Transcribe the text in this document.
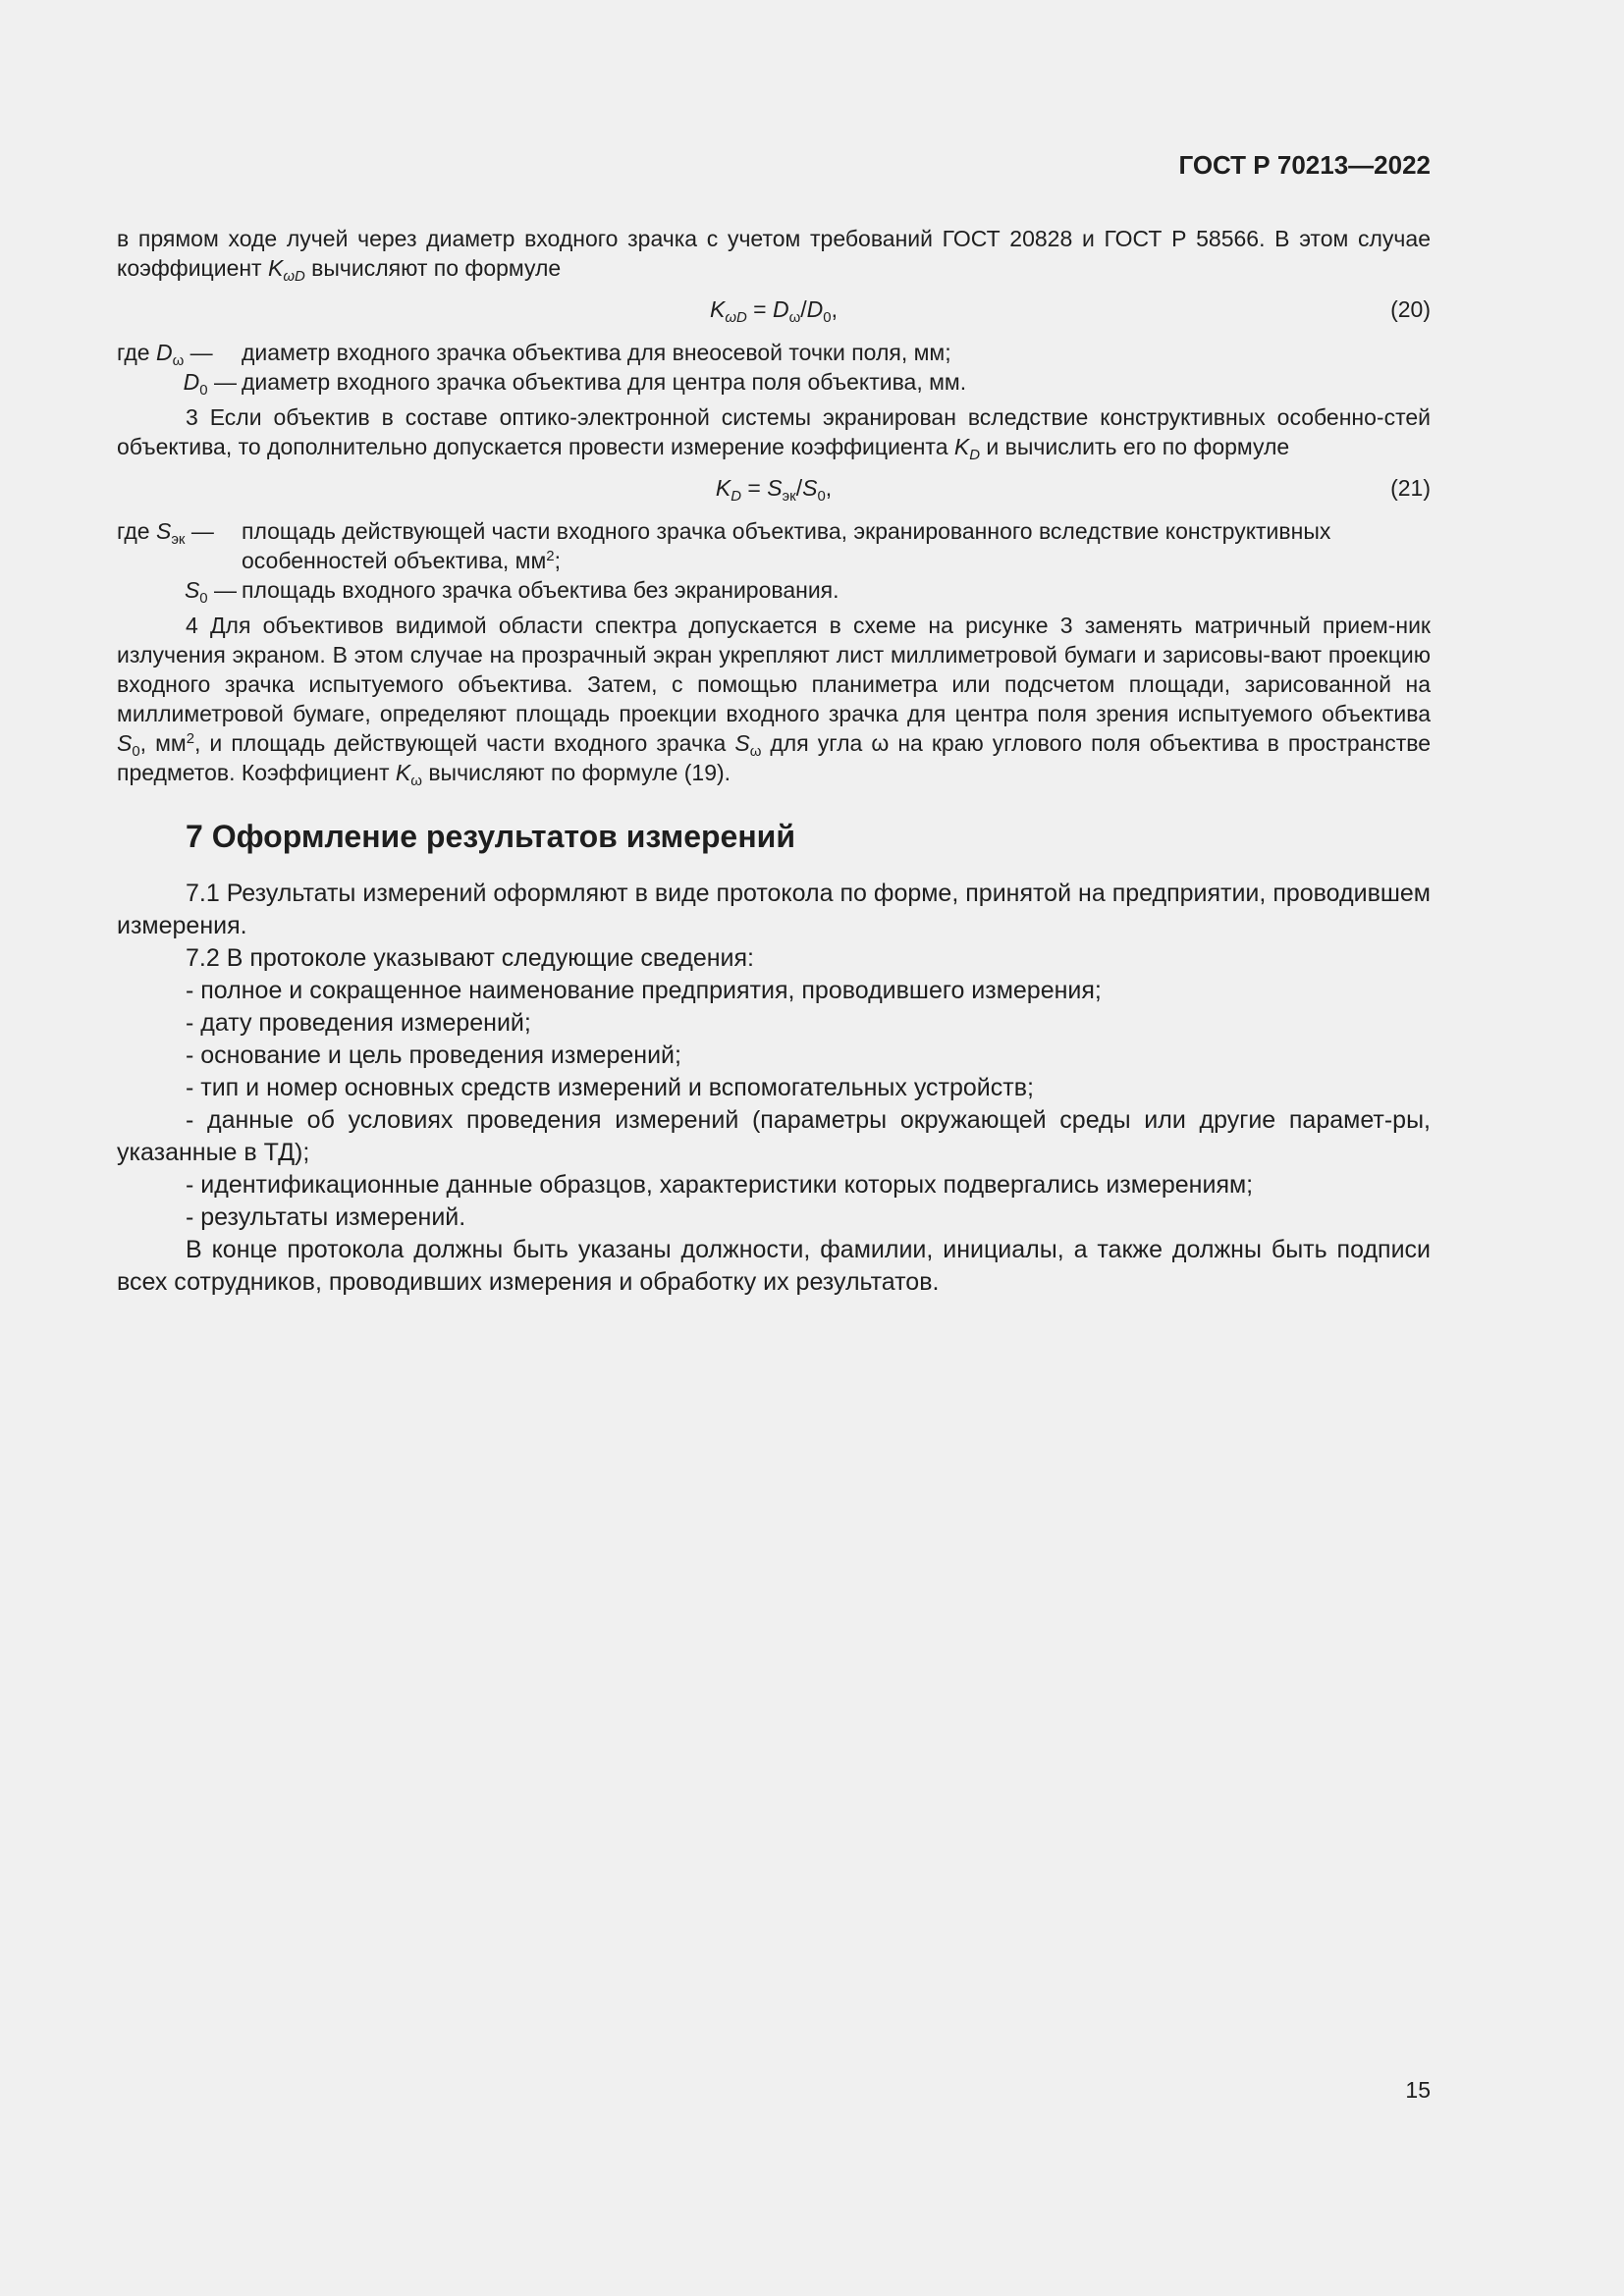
ГОСТ Р 70213—2022

в прямом ходе лучей через диаметр входного зрачка с учетом требований ГОСТ 20828 и ГОСТ Р 58566. В этом случае коэффициент $K_{\omega D}$ вычисляют по формуле

$K_{\omega D} = D_\omega/D_0$,	(20)
где $D_\omega$ —	диаметр входного зрачка объектива для внеосевой точки поля, мм;
$D_0$ — диаметр входного зрачка объектива для центра поля объектива, мм.

3 Если объектив в составе оптико-электронной системы экранирован вследствие конструктивных особенно-стей объектива, то дополнительно допускается провести измерение коэффициента $K_D$ и вычислить его по формуле

$K_D = S_{эк}/S_0$,	(21)
где $S_{эк}$ —	площадь действующей части входного зрачка объектива, экранированного вследствие конструктивных особенностей объектива, $мм^2$;
$S_0$ — площадь входного зрачка объектива без экранирования.

4 Для объективов видимой области спектра допускается в схеме на рисунке 3 заменять матричный прием-ник излучения экраном. В этом случае на прозрачный экран укрепляют лист миллиметровой бумаги и зарисовы-вают проекцию входного зрачка испытуемого объектива. Затем, с помощью планиметра или подсчетом площади, зарисованной на миллиметровой бумаге, определяют площадь проекции входного зрачка для центра поля зрения испытуемого объектива $S_0$, $мм^2$, и площадь действующей части входного зрачка $S_\omega$ для угла ω на краю углового поля объектива в пространстве предметов. Коэффициент $K_\omega$ вычисляют по формуле (19).

7 Оформление результатов измерений

7.1 Результаты измерений оформляют в виде протокола по форме, принятой на предприятии, проводившем измерения.

7.2 В протоколе указывают следующие сведения:

- полное и сокращенное наименование предприятия, проводившего измерения;

- дату проведения измерений;

- основание и цель проведения измерений;

- тип и номер основных средств измерений и вспомогательных устройств;

- данные об условиях проведения измерений (параметры окружающей среды или другие парамет-ры, указанные в ТД);

- идентификационные данные образцов, характеристики которых подвергались измерениям;

- результаты измерений.

В конце протокола должны быть указаны должности, фамилии, инициалы, а также должны быть подписи всех сотрудников, проводивших измерения и обработку их результатов.

15
